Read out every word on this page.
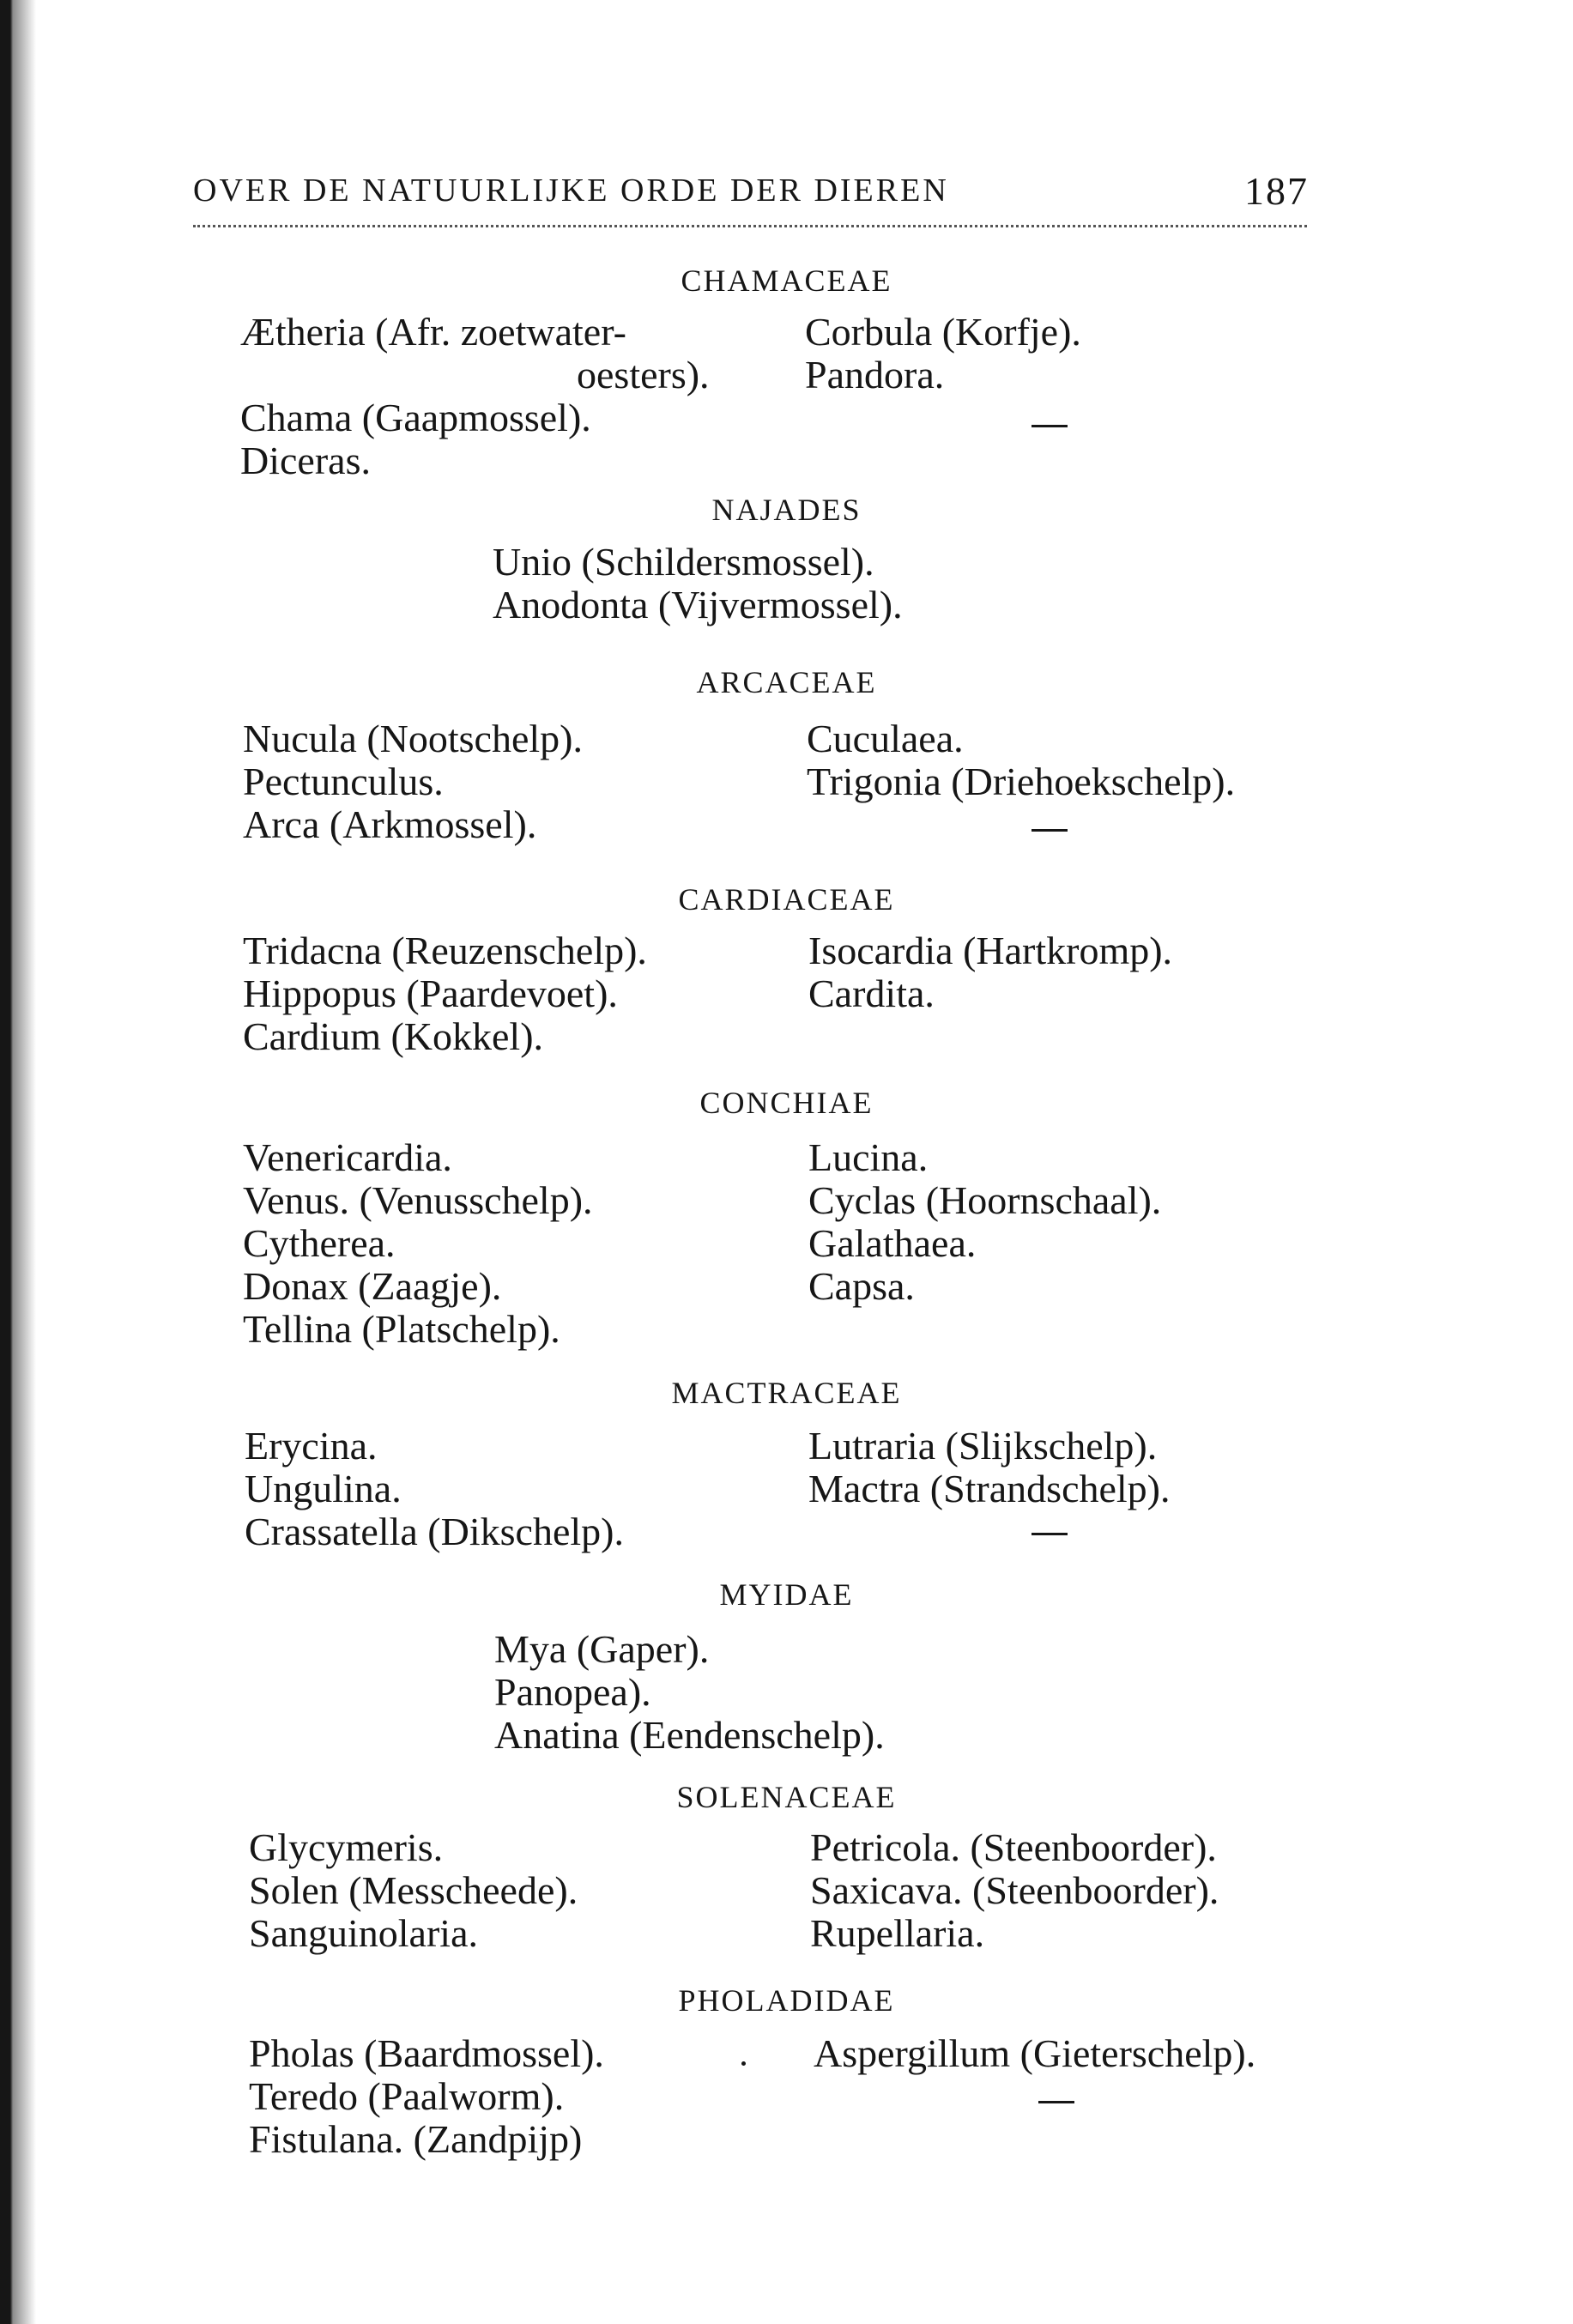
OVER DE NATUURLIJKE ORDE DER DIEREN	187
CHAMACEAE
Ætheria (Afr. zoetwater-
oesters).
Chama (Gaapmossel).
Diceras.
Corbula (Korfje).
Pandora.
NAJADES
Unio (Schildersmossel).
Anodonta (Vijvermossel).
ARCACEAE
Nucula (Nootschelp).
Pectunculus.
Arca (Arkmossel).
Cuculaea.
Trigonia (Driehoekschelp).
CARDIACEAE
Tridacna (Reuzenschelp).
Hippopus (Paardevoet).
Cardium (Kokkel).
Isocardia (Hartkromp).
Cardita.
CONCHIAE
Venericardia.
Venus. (Venusschelp).
Cytherea.
Donax (Zaagje).
Tellina (Platschelp).
Lucina.
Cyclas (Hoornschaal).
Galathaea.
Capsa.
MACTRACEAE
Erycina.
Ungulina.
Crassatella (Dikschelp).
Lutraria (Slijkschelp).
Mactra (Strandschelp).
MYIDAE
Mya (Gaper).
Panopea).
Anatina (Eendenschelp).
SOLENACEAE
Glycymeris.
Solen (Messcheede).
Sanguinolaria.
Petricola. (Steenboorder).
Saxicava. (Steenboorder).
Rupellaria.
PHOLADIDAE
Pholas (Baardmossel).
Teredo (Paalworm).
Fistulana. (Zandpijp)
Aspergillum (Gieterschelp).
